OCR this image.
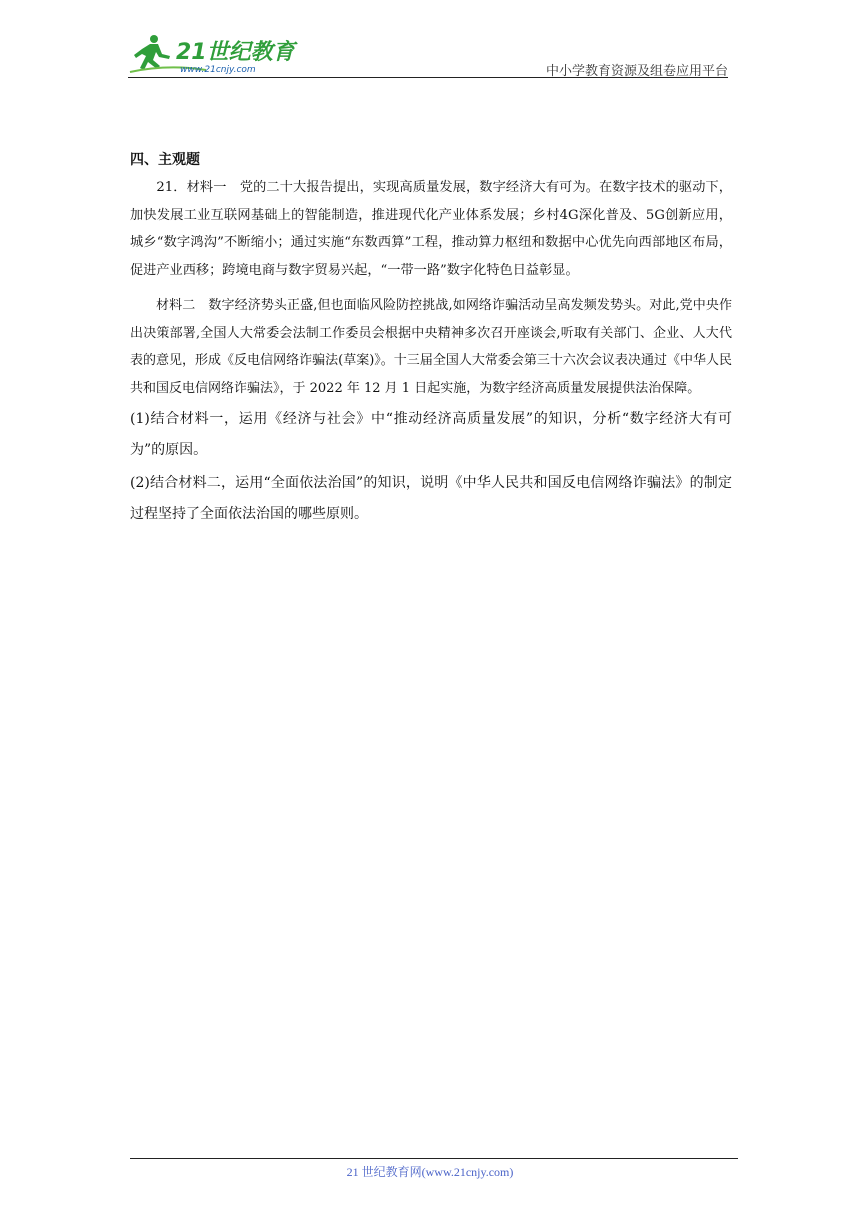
21世纪教育
www.21cnjy.com	中小学教育资源及组卷应用平台
四、主观题

21．材料一　党的二十大报告提出，实现高质量发展，数字经济大有可为。在数字技术的驱动下，加快发展工业互联网基础上的智能制造，推进现代化产业体系发展；乡村4G深化普及、5G创新应用，城乡“数字鸿沟”不断缩小；通过实施“东数西算”工程，推动算力枢纽和数据中心优先向西部地区布局，促进产业西移；跨境电商与数字贸易兴起，“一带一路”数字化特色日益彰显。

材料二　数字经济势头正盛,但也面临风险防控挑战,如网络诈骗活动呈高发频发势头。对此,党中央作出决策部署,全国人大常委会法制工作委员会根据中央精神多次召开座谈会,听取有关部门、企业、人大代表的意见，形成《反电信网络诈骗法(草案)》。十三届全国人大常委会第三十六次会议表决通过《中华人民共和国反电信网络诈骗法》，于 2022 年 12 月 1 日起实施，为数字经济高质量发展提供法治保障。

(1)结合材料一，运用《经济与社会》中“推动经济高质量发展”的知识，分析“数字经济大有可为”的原因。

(2)结合材料二，运用“全面依法治国”的知识，说明《中华人民共和国反电信网络诈骗法》的制定过程坚持了全面依法治国的哪些原则。

21 世纪教育网(www.21cnjy.com)
